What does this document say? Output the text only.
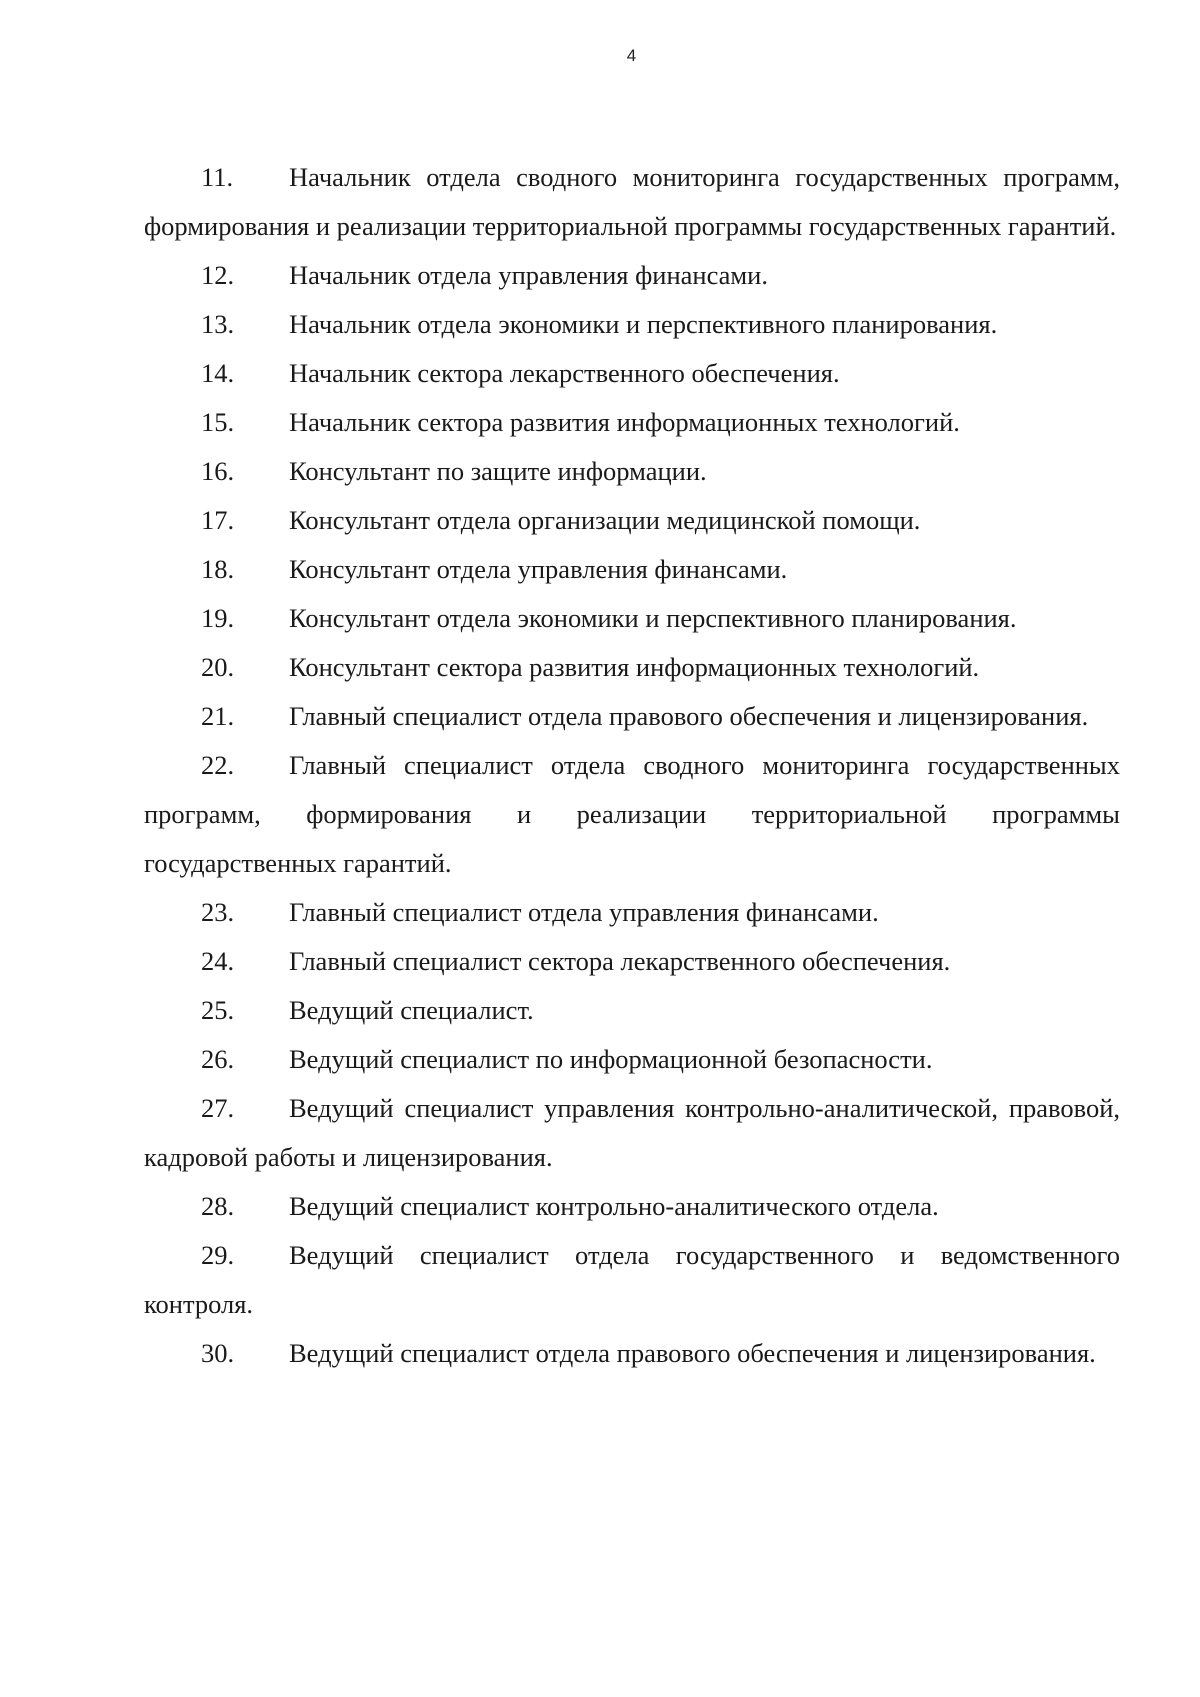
4

11. Начальник отдела сводного мониторинга государственных программ, формирования и реализации территориальной программы государственных гарантий.

12. Начальник отдела управления финансами.

13. Начальник отдела экономики и перспективного планирования.

14. Начальник сектора лекарственного обеспечения.

15. Начальник сектора развития информационных технологий.

16. Консультант по защите информации.

17. Консультант отдела организации медицинской помощи.

18. Консультант отдела управления финансами.

19. Консультант отдела экономики и перспективного планирования.

20. Консультант сектора развития информационных технологий.

21. Главный специалист отдела правового обеспечения и лицензирования.

22. Главный специалист отдела сводного мониторинга государственных программ, формирования и реализации территориальной программы государственных гарантий.

23. Главный специалист отдела управления финансами.

24. Главный специалист сектора лекарственного обеспечения.

25. Ведущий специалист.

26. Ведущий специалист по информационной безопасности.

27. Ведущий специалист управления контрольно-аналитической, правовой, кадровой работы и лицензирования.

28. Ведущий специалист контрольно-аналитического отдела.

29. Ведущий специалист отдела государственного и ведомственного контроля.

30. Ведущий специалист отдела правового обеспечения и лицензирования.
